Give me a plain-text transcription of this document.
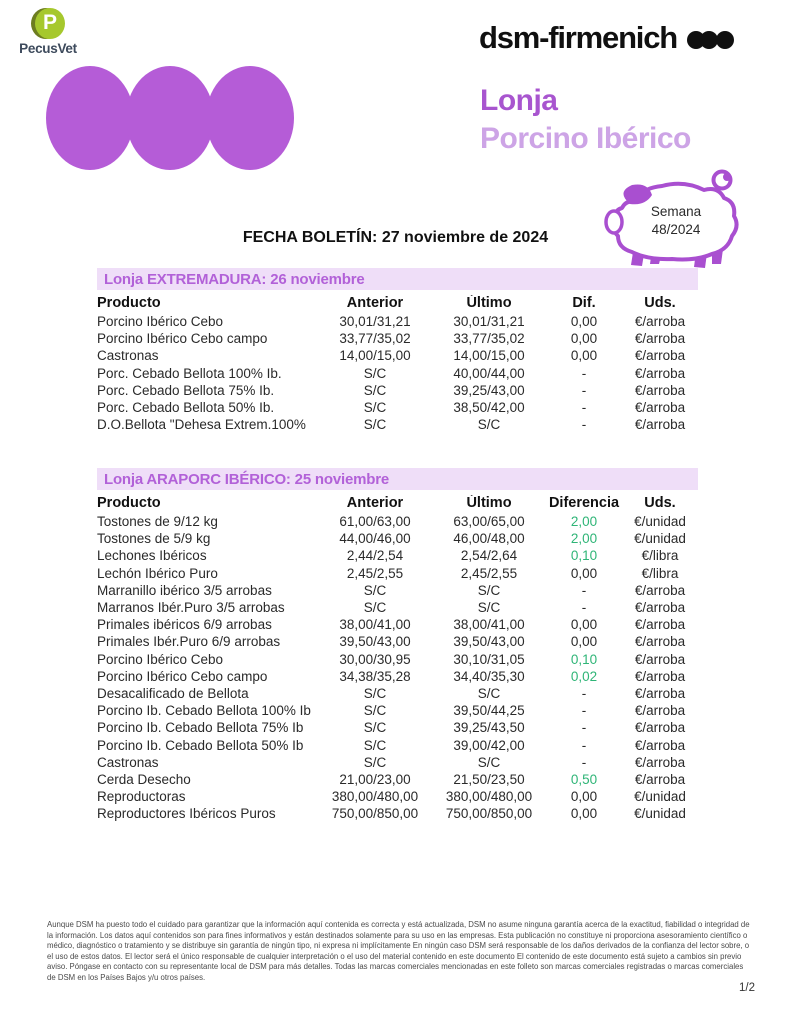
P
PecusVet	dsm-firmenich
Lonja
Porcino Ibérico
Semana
48/2024
FECHA BOLETÍN: 27 noviembre de 2024
Lonja EXTREMADURA: 26 noviembre
Producto	Anterior	Último	Dif.	Uds.
Porcino Ibérico Cebo	30,01/31,21	30,01/31,21	0,00	€/arroba
Porcino Ibérico Cebo campo	33,77/35,02	33,77/35,02	0,00	€/arroba
Castronas	14,00/15,00	14,00/15,00	0,00	€/arroba
Porc. Cebado Bellota 100% Ib.	S/C	40,00/44,00	-	€/arroba
Porc. Cebado Bellota 75% Ib.	S/C	39,25/43,00	-	€/arroba
Porc. Cebado Bellota 50% Ib.	S/C	38,50/42,00	-	€/arroba
D.O.Bellota "Dehesa Extrem.100%	S/C	S/C	-	€/arroba
Lonja ARAPORC IBÉRICO: 25 noviembre
Producto	Anterior	Último	Diferencia	Uds.
Tostones de 9/12 kg	61,00/63,00	63,00/65,00	2,00	€/unidad
Tostones de 5/9 kg	44,00/46,00	46,00/48,00	2,00	€/unidad
Lechones Ibéricos	2,44/2,54	2,54/2,64	0,10	€/libra
Lechón Ibérico Puro	2,45/2,55	2,45/2,55	0,00	€/libra
Marranillo ibérico 3/5 arrobas	S/C	S/C	-	€/arroba
Marranos Ibér.Puro 3/5 arrobas	S/C	S/C	-	€/arroba
Primales ibéricos 6/9 arrobas	38,00/41,00	38,00/41,00	0,00	€/arroba
Primales Ibér.Puro 6/9 arrobas	39,50/43,00	39,50/43,00	0,00	€/arroba
Porcino Ibérico Cebo	30,00/30,95	30,10/31,05	0,10	€/arroba
Porcino Ibérico Cebo campo	34,38/35,28	34,40/35,30	0,02	€/arroba
Desacalificado de Bellota	S/C	S/C	-	€/arroba
Porcino Ib. Cebado Bellota 100% Ib	S/C	39,50/44,25	-	€/arroba
Porcino Ib. Cebado Bellota 75% Ib	S/C	39,25/43,50	-	€/arroba
Porcino Ib. Cebado Bellota 50% Ib	S/C	39,00/42,00	-	€/arroba
Castronas	S/C	S/C	-	€/arroba
Cerda Desecho	21,00/23,00	21,50/23,50	0,50	€/arroba
Reproductoras	380,00/480,00	380,00/480,00	0,00	€/unidad
Reproductores Ibéricos Puros	750,00/850,00	750,00/850,00	0,00	€/unidad

Aunque DSM ha puesto todo el cuidado para garantizar que la información aquí contenida es correcta y está actualizada, DSM no asume ninguna garantía acerca de la exactitud, fiabilidad o integridad de la información. Los datos aquí contenidos son para fines informativos y están destinados solamente para su uso en las empresas. Esta publicación no constituye ni proporciona asesoramiento científico o médico, diagnóstico o tratamiento y se distribuye sin garantía de ningún tipo, ni expresa ni implícitamente En ningún caso DSM será responsable de los daños derivados de la confianza del lector sobre, o el uso de estos datos. El lector será el único responsable de cualquier interpretación o el uso del material contenido en este documento El contenido de este documento está sujeto a cambios sin previo aviso. Póngase en contacto con su representante local de DSM para más detalles. Todas las marcas comerciales mencionadas en este folleto son marcas comerciales registradas o marcas comerciales de DSM en los Países Bajos y/u otros países.

1/2
